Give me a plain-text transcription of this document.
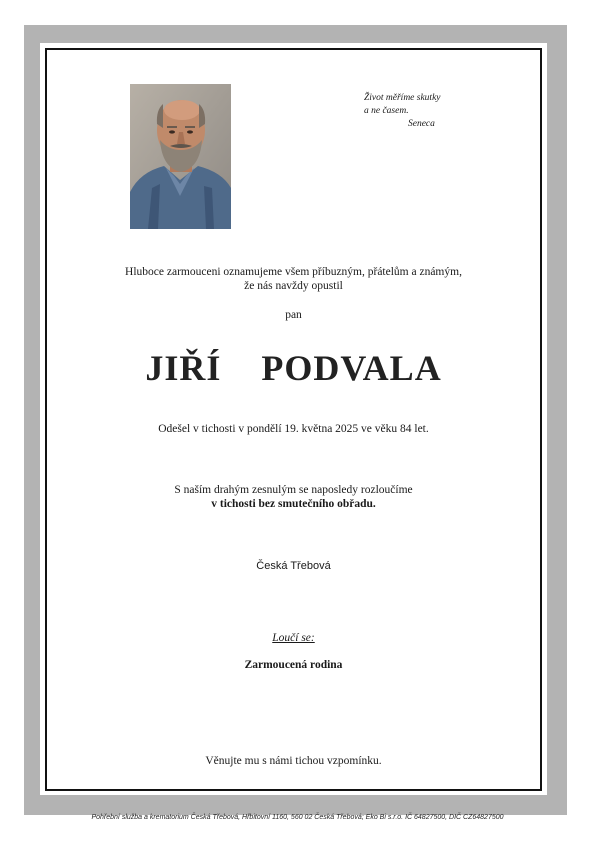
Život měříme skutky
a ne časem.
Seneca
Hluboce zarmouceni oznamujeme všem příbuzným, přátelům a známým,
že nás navždy opustil
pan
JIŘÍ  PODVALA
Odešel v tichosti v pondělí 19. května 2025 ve věku 84 let.
S naším drahým zesnulým se naposledy rozloučíme
v tichosti bez smutečního obřadu.
Česká Třebová
Loučí se:
Zarmoucená rodina
Věnujte mu s námi tichou vzpomínku.
Pohřební služba a krematorium Česká Třebová, Hřbitovní 1160, 560 02 Česká Třebová; Eko Bi s.r.o. IČ 64827500, DIČ CZ64827500
